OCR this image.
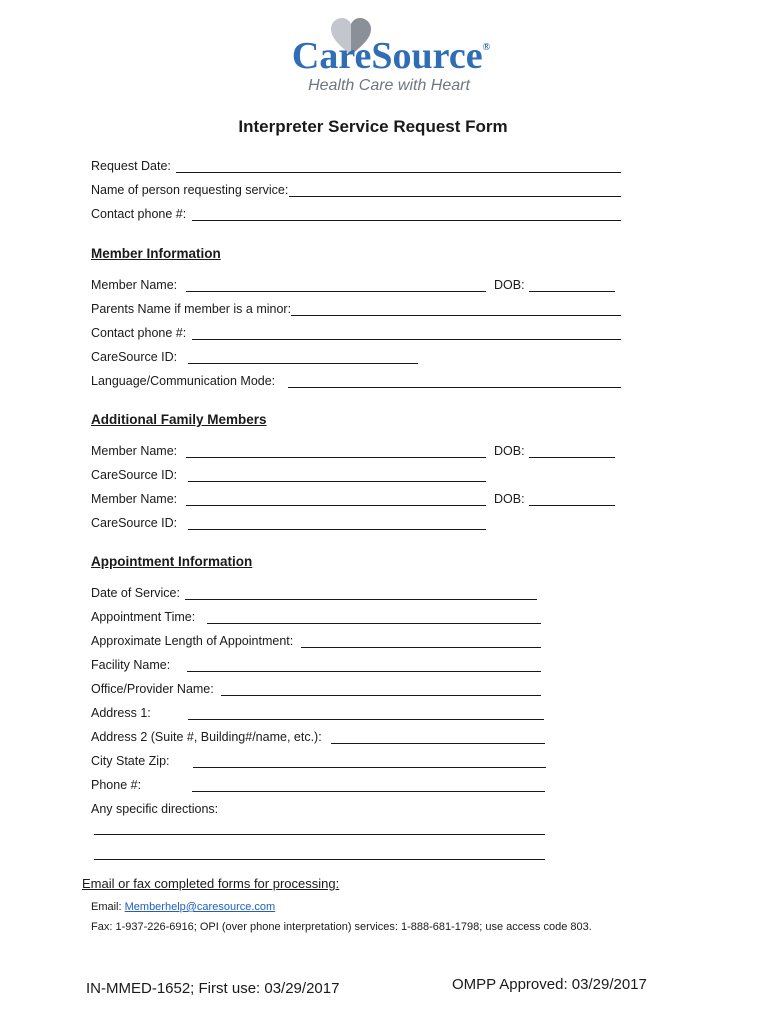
CareSource®
Health Care with Heart
Interpreter Service Request Form
Request Date:
Name of person requesting service:
Contact phone #:
Member Information
Member Name:	DOB:
Parents Name if member is a minor:
Contact phone #:
CareSource ID:
Language/Communication Mode:
Additional Family Members
Member Name:	DOB:
CareSource ID:
Member Name:	DOB:
CareSource ID:
Appointment Information
Date of Service:
Appointment Time:
Approximate Length of Appointment:
Facility Name:
Office/Provider Name:
Address 1:
Address 2 (Suite #, Building#/name, etc.):
City State Zip:
Phone #:
Any specific directions:
Email or fax completed forms for processing:
Email: Memberhelp@caresource.com
Fax: 1-937-226-6916; OPI (over phone interpretation) services: 1-888-681-1798; use access code 803.
IN-MMED-1652; First use: 03/29/2017	OMPP Approved: 03/29/2017
